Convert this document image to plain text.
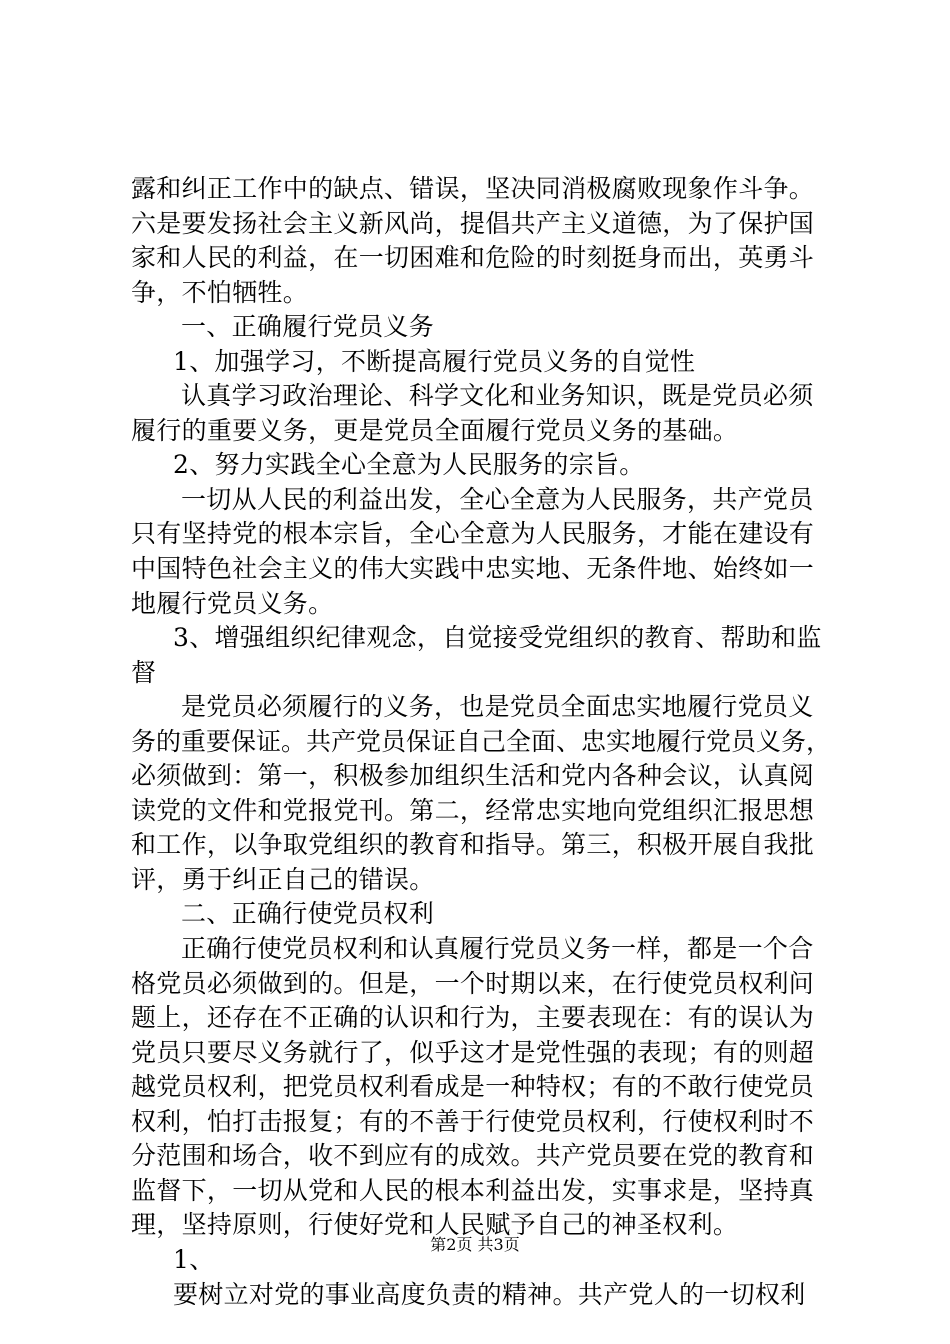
露和纠正工作中的缺点、错误，坚决同消极腐败现象作斗争。
六是要发扬社会主义新风尚，提倡共产主义道德，为了保护国
家和人民的利益，在一切困难和危险的时刻挺身而出，英勇斗
争，不怕牺牲。
一、正确履行党员义务
1、加强学习，不断提高履行党员义务的自觉性
认真学习政治理论、科学文化和业务知识，既是党员必须
履行的重要义务，更是党员全面履行党员义务的基础。
2、努力实践全心全意为人民服务的宗旨。
一切从人民的利益出发，全心全意为人民服务，共产党员
只有坚持党的根本宗旨，全心全意为人民服务，才能在建设有
中国特色社会主义的伟大实践中忠实地、无条件地、始终如一
地履行党员义务。
3、增强组织纪律观念，自觉接受党组织的教育、帮助和监
督
是党员必须履行的义务，也是党员全面忠实地履行党员义
务的重要保证。共产党员保证自己全面、忠实地履行党员义务，
必须做到：第一，积极参加组织生活和党内各种会议，认真阅
读党的文件和党报党刊。第二，经常忠实地向党组织汇报思想
和工作，以争取党组织的教育和指导。第三，积极开展自我批
评，勇于纠正自己的错误。
二、正确行使党员权利
正确行使党员权利和认真履行党员义务一样，都是一个合
格党员必须做到的。但是，一个时期以来，在行使党员权利问
题上，还存在不正确的认识和行为，主要表现在：有的误认为
党员只要尽义务就行了，似乎这才是党性强的表现；有的则超
越党员权利，把党员权利看成是一种特权；有的不敢行使党员
权利，怕打击报复；有的不善于行使党员权利，行使权利时不
分范围和场合，收不到应有的成效。共产党员要在党的教育和
监督下，一切从党和人民的根本利益出发，实事求是，坚持真
理，坚持原则，行使好党和人民赋予自己的神圣权利。
1、
要树立对党的事业高度负责的精神。共产党人的一切权利
第2页 共3页
